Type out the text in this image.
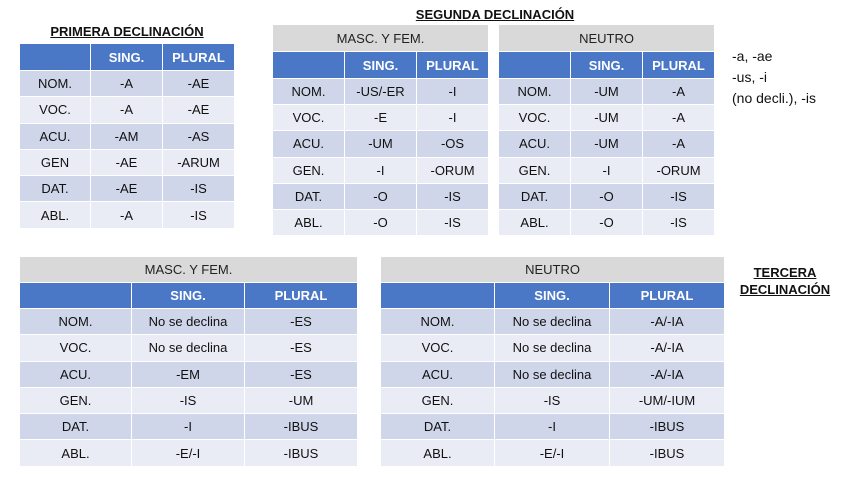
PRIMERA DECLINACIÓN
SEGUNDA DECLINACIÓN
TERCERA
DECLINACIÓN
	SING.	PLURAL
NOM.	-A	-AE
VOC.	-A	-AE
ACU.	-AM	-AS
GEN	-AE	-ARUM
DAT.	-AE	-IS
ABL.	-A	-IS
MASC. Y FEM.		
	SING.	PLURAL
NOM.	-US/-ER	-I
VOC.	-E	-I
ACU.	-UM	-OS
GEN.	-I	-ORUM
DAT.	-O	-IS
ABL.	-O	-IS
NEUTRO		
	SING.	PLURAL
NOM.	-UM	-A
VOC.	-UM	-A
ACU.	-UM	-A
GEN.	-I	-ORUM
DAT.	-O	-IS
ABL.	-O	-IS
MASC. Y FEM.		
	SING.	PLURAL
NOM.	No se declina	-ES
VOC.	No se declina	-ES
ACU.	-EM	-ES
GEN.	-IS	-UM
DAT.	-I	-IBUS
ABL.	-E/-I	-IBUS
NEUTRO		
	SING.	PLURAL
NOM.	No se declina	-A/-IA
VOC.	No se declina	-A/-IA
ACU.	No se declina	-A/-IA
GEN.	-IS	-UM/-IUM
DAT.	-I	-IBUS
ABL.	-E/-I	-IBUS
-a, -ae
-us, -i
(no decli.), -is
